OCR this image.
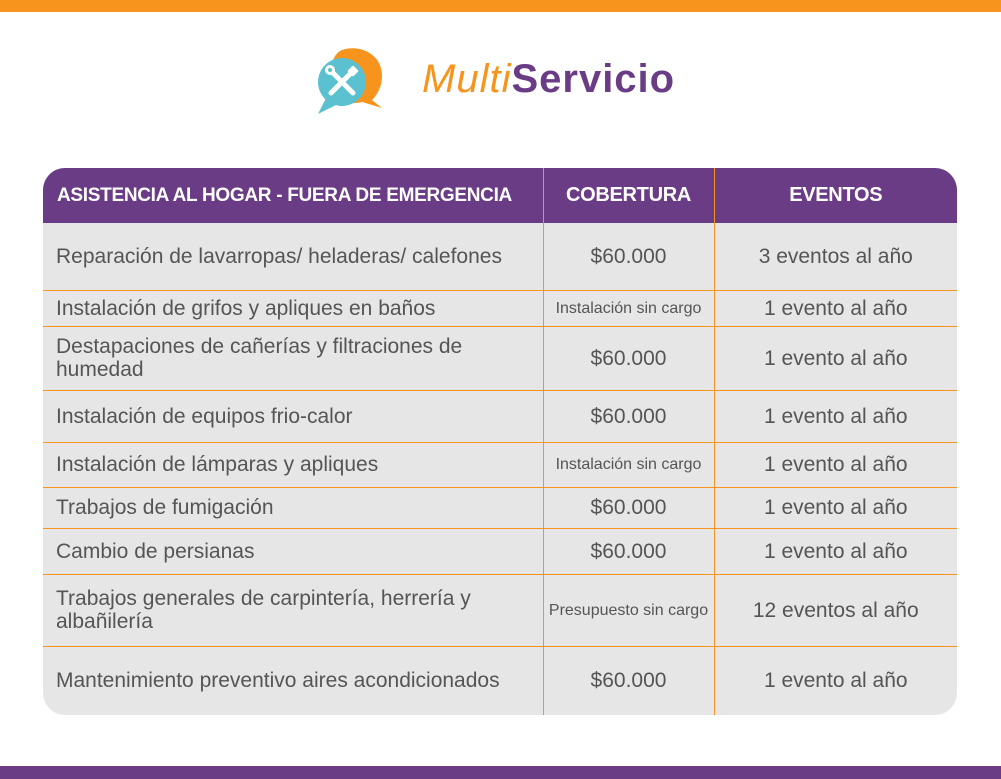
MultiServicio
ASISTENCIA AL HOGAR - FUERA DE EMERGENCIA	COBERTURA	EVENTOS
Reparación de lavarropas/ heladeras/ calefones	$60.000	3 eventos al año
Instalación de grifos y apliques en baños	Instalación sin cargo	1 evento al año
Destapaciones de cañerías y filtraciones de humedad	$60.000	1 evento al año
Instalación de equipos frio-calor	$60.000	1 evento al año
Instalación de lámparas y apliques	Instalación sin cargo	1 evento al año
Trabajos de fumigación	$60.000	1 evento al año
Cambio de persianas	$60.000	1 evento al año
Trabajos generales de carpintería, herrería y albañilería	Presupuesto sin cargo	12 eventos al año
Mantenimiento preventivo aires acondicionados	$60.000	1 evento al año
